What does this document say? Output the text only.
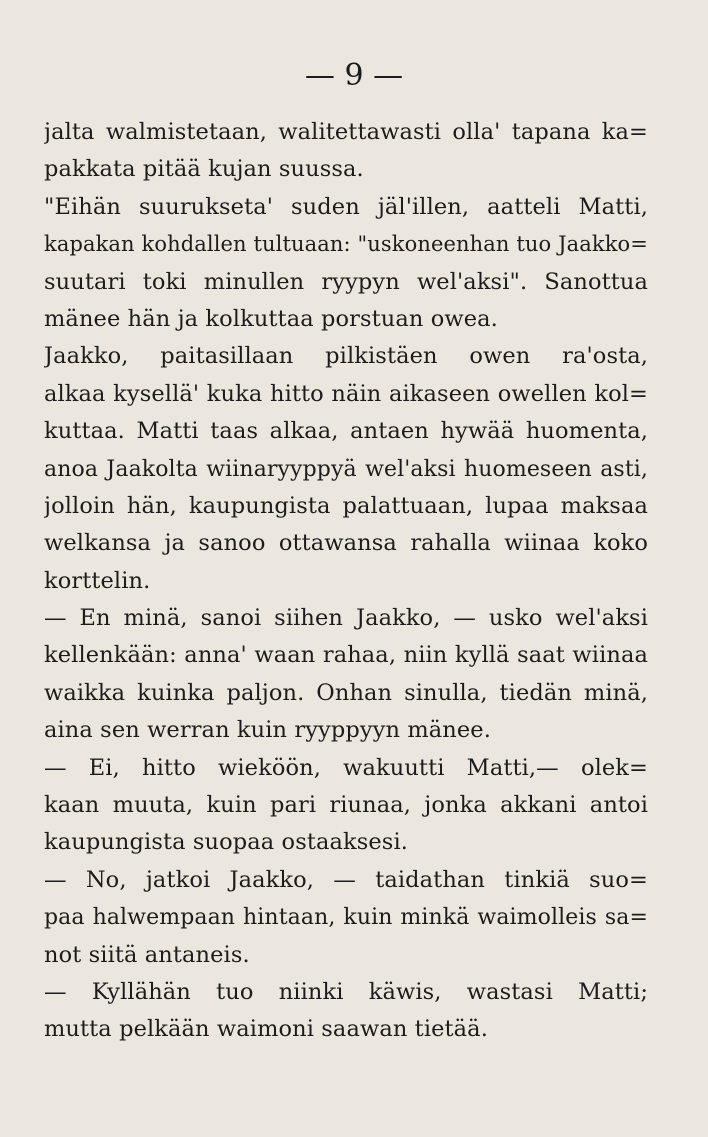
— 9 —
jalta walmistetaan, walitettawasti olla' tapana ka=
pakkata pitää kujan suussa.
"Eihän suurukseta' suden jäl'illen, aatteli Matti,
kapakan kohdallen tultuaan: "uskoneenhan tuo Jaakko=
suutari toki minullen ryypyn wel'aksi". Sanottua
mänee hän ja kolkuttaa porstuan owea.
Jaakko, paitasillaan pilkistäen owen ra'osta,
alkaa kysellä' kuka hitto näin aikaseen owellen kol=
kuttaa. Matti taas alkaa, antaen hywää huomenta,
anoa Jaakolta wiinaryyppyä wel'aksi huomeseen asti,
jolloin hän, kaupungista palattuaan, lupaa maksaa
welkansa ja sanoo ottawansa rahalla wiinaa koko
korttelin.
— En minä, sanoi siihen Jaakko, — usko wel'aksi
kellenkään: anna' waan rahaa, niin kyllä saat wiinaa
waikka kuinka paljon. Onhan sinulla, tiedän minä,
aina sen werran kuin ryyppyyn mänee.
— Ei, hitto wieköön, wakuutti Matti,— olek=
kaan muuta, kuin pari riunaa, jonka akkani antoi
kaupungista suopaa ostaaksesi.
— No, jatkoi Jaakko, — taidathan tinkiä suo=
paa halwempaan hintaan, kuin minkä waimolleis sa=
not siitä antaneis.
— Kyllähän tuo niinki käwis, wastasi Matti;
mutta pelkään waimoni saawan tietää.
